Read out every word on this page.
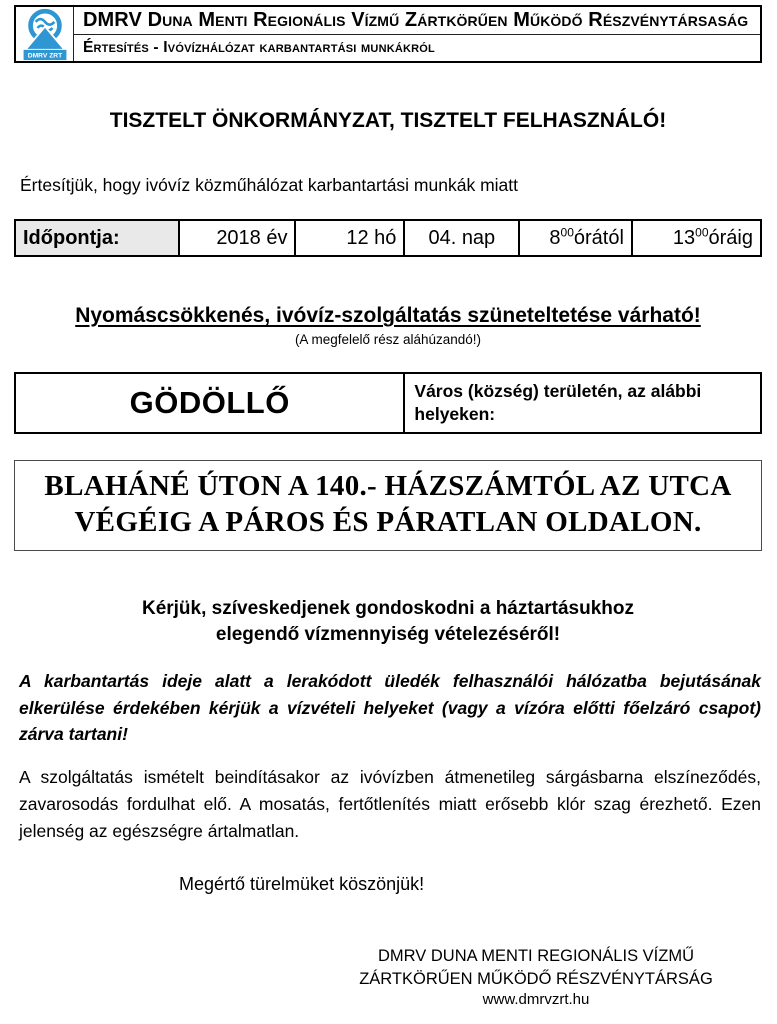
DMRV ZRT
DMRV Duna Menti Regionális Vízmű Zártkörűen Működő Részvénytársaság
Értesítés - Ivóvízhálózat karbantartási munkákról
TISZTELT ÖNKORMÁNYZAT, TISZTELT FELHASZNÁLÓ!
Értesítjük, hogy ivóvíz közműhálózat karbantartási munkák miatt
Időpontja:	2018 év	12 hó	04. nap	$8^{00}órától$	$13^{00}óráig$
Nyomáscsökkenés, ivóvíz-szolgáltatás szüneteltetése várható!
(A megfelelő rész aláhúzandó!)
GÖDÖLLŐ	Város (község) területén, az alábbi helyeken:
BLAHÁNÉ ÚTON A 140.- HÁZSZÁMTÓL AZ UTCA VÉGÉIG A PÁROS ÉS PÁRATLAN OLDALON.
Kérjük, szíveskedjenek gondoskodni a háztartásukhoz elegendő vízmennyiség vételezéséről!
A karbantartás ideje alatt a lerakódott üledék felhasználói hálózatba bejutásának elkerülése érdekében kérjük a vízvételi helyeket (vagy a vízóra előtti főelzáró csapot) zárva tartani!
A szolgáltatás ismételt beindításakor az ivóvízben átmenetileg sárgásbarna elszíneződés, zavarosodás fordulhat elő. A mosatás, fertőtlenítés miatt erősebb klór szag érezhető. Ezen jelenség az egészségre ártalmatlan.
Megértő türelmüket köszönjük!
DMRV DUNA MENTI REGIONÁLIS VÍZMŰ
ZÁRTKÖRŰEN MŰKÖDŐ RÉSZVÉNYTÁRSÁG
www.dmrvzrt.hu
